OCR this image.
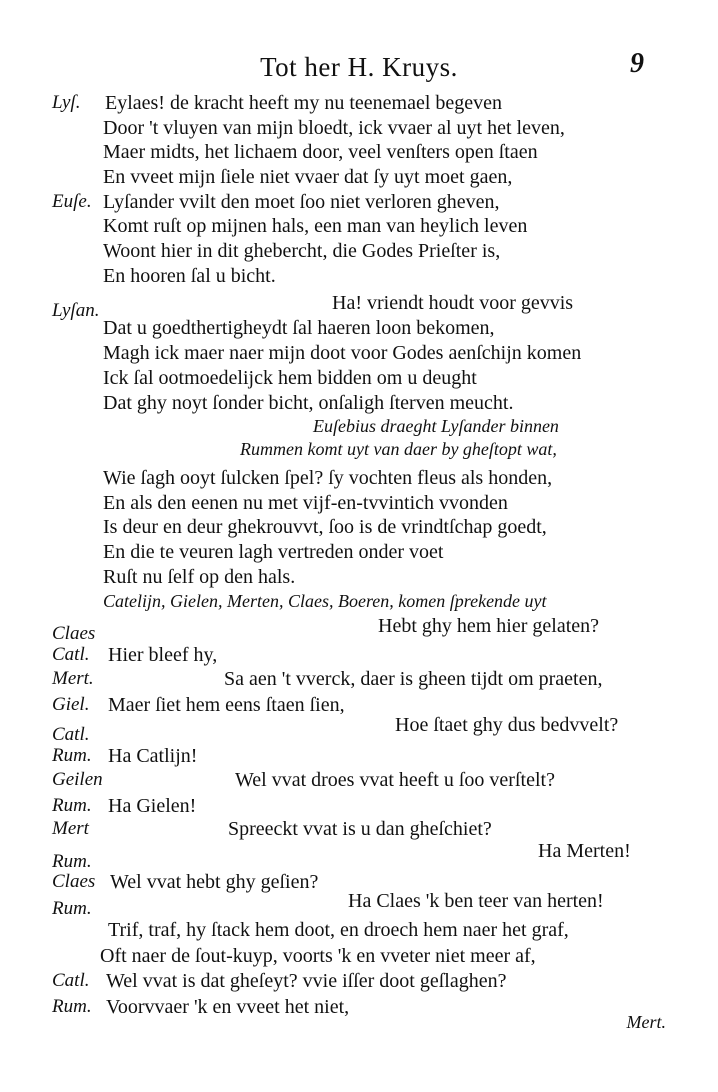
Tot her H. Kruys.	9
Lyſ. Eylaes! de kracht heeft my nu teenemael begeven
Door 't vluyen van mijn bloedt, ick vvaer al uyt het leven,
Maer midts, het lichaem door, veel venſters open ſtaen
En vveet mijn ſiele niet vvaer dat ſy uyt moet gaen,
Euſe. Lyſander vvilt den moet ſoo niet verloren gheven,
Komt ruſt op mijnen hals, een man van heylich leven
Woont hier in dit ghebercht, die Godes Prieſter is,
En hooren ſal u bicht.
Lyſan.	Ha! vriendt houdt voor gevvis
Dat u goedthertigheydt ſal haeren loon bekomen,
Magh ick maer naer mijn doot voor Godes aenſchijn komen
Ick ſal ootmoedelijck hem bidden om u deught
Dat ghy noyt ſonder bicht, onſaligh ſterven meucht.
Euſebius draeght Lyſander binnen
Rummen komt uyt van daer by gheſtopt wat,
Wie ſagh ooyt ſulcken ſpel? ſy vochten fleus als honden,
En als den eenen nu met vijf-en-tvvintich vvonden
Is deur en deur ghekrouvvt, ſoo is de vrindtſchap goedt,
En die te veuren lagh vertreden onder voet
Ruſt nu ſelf op den hals.
Catelijn, Gielen, Merten, Claes, Boeren, komen ſprekende uyt
Claes	Hebt ghy hem hier gelaten?
Catl. Hier bleef hy,
Mert.	Sa aen 't vverck, daer is gheen tijdt om praeten,
Giel. Maer ſiet hem eens ſtaen ſien,
Catl.	Hoe ſtaet ghy dus bedvvelt?
Rum. Ha Catlijn!
Geilen	Wel vvat droes vvat heeft u ſoo verſtelt?
Rum. Ha Gielen!
Mert	Spreeckt vvat is u dan gheſchiet?
Rum.	Ha Merten!
Claes Wel vvat hebt ghy geſien?
Rum.	Ha Claes 'k ben teer van herten!
Trif, traf, hy ſtack hem doot, en droech hem naer het graf,
Oft naer de ſout-kuyp, voorts 'k en vveter niet meer af,
Catl. Wel vvat is dat gheſeyt? vvie iſſer doot geſlaghen?
Rum. Voorvvaer 'k en vveet het niet,
Mert.
